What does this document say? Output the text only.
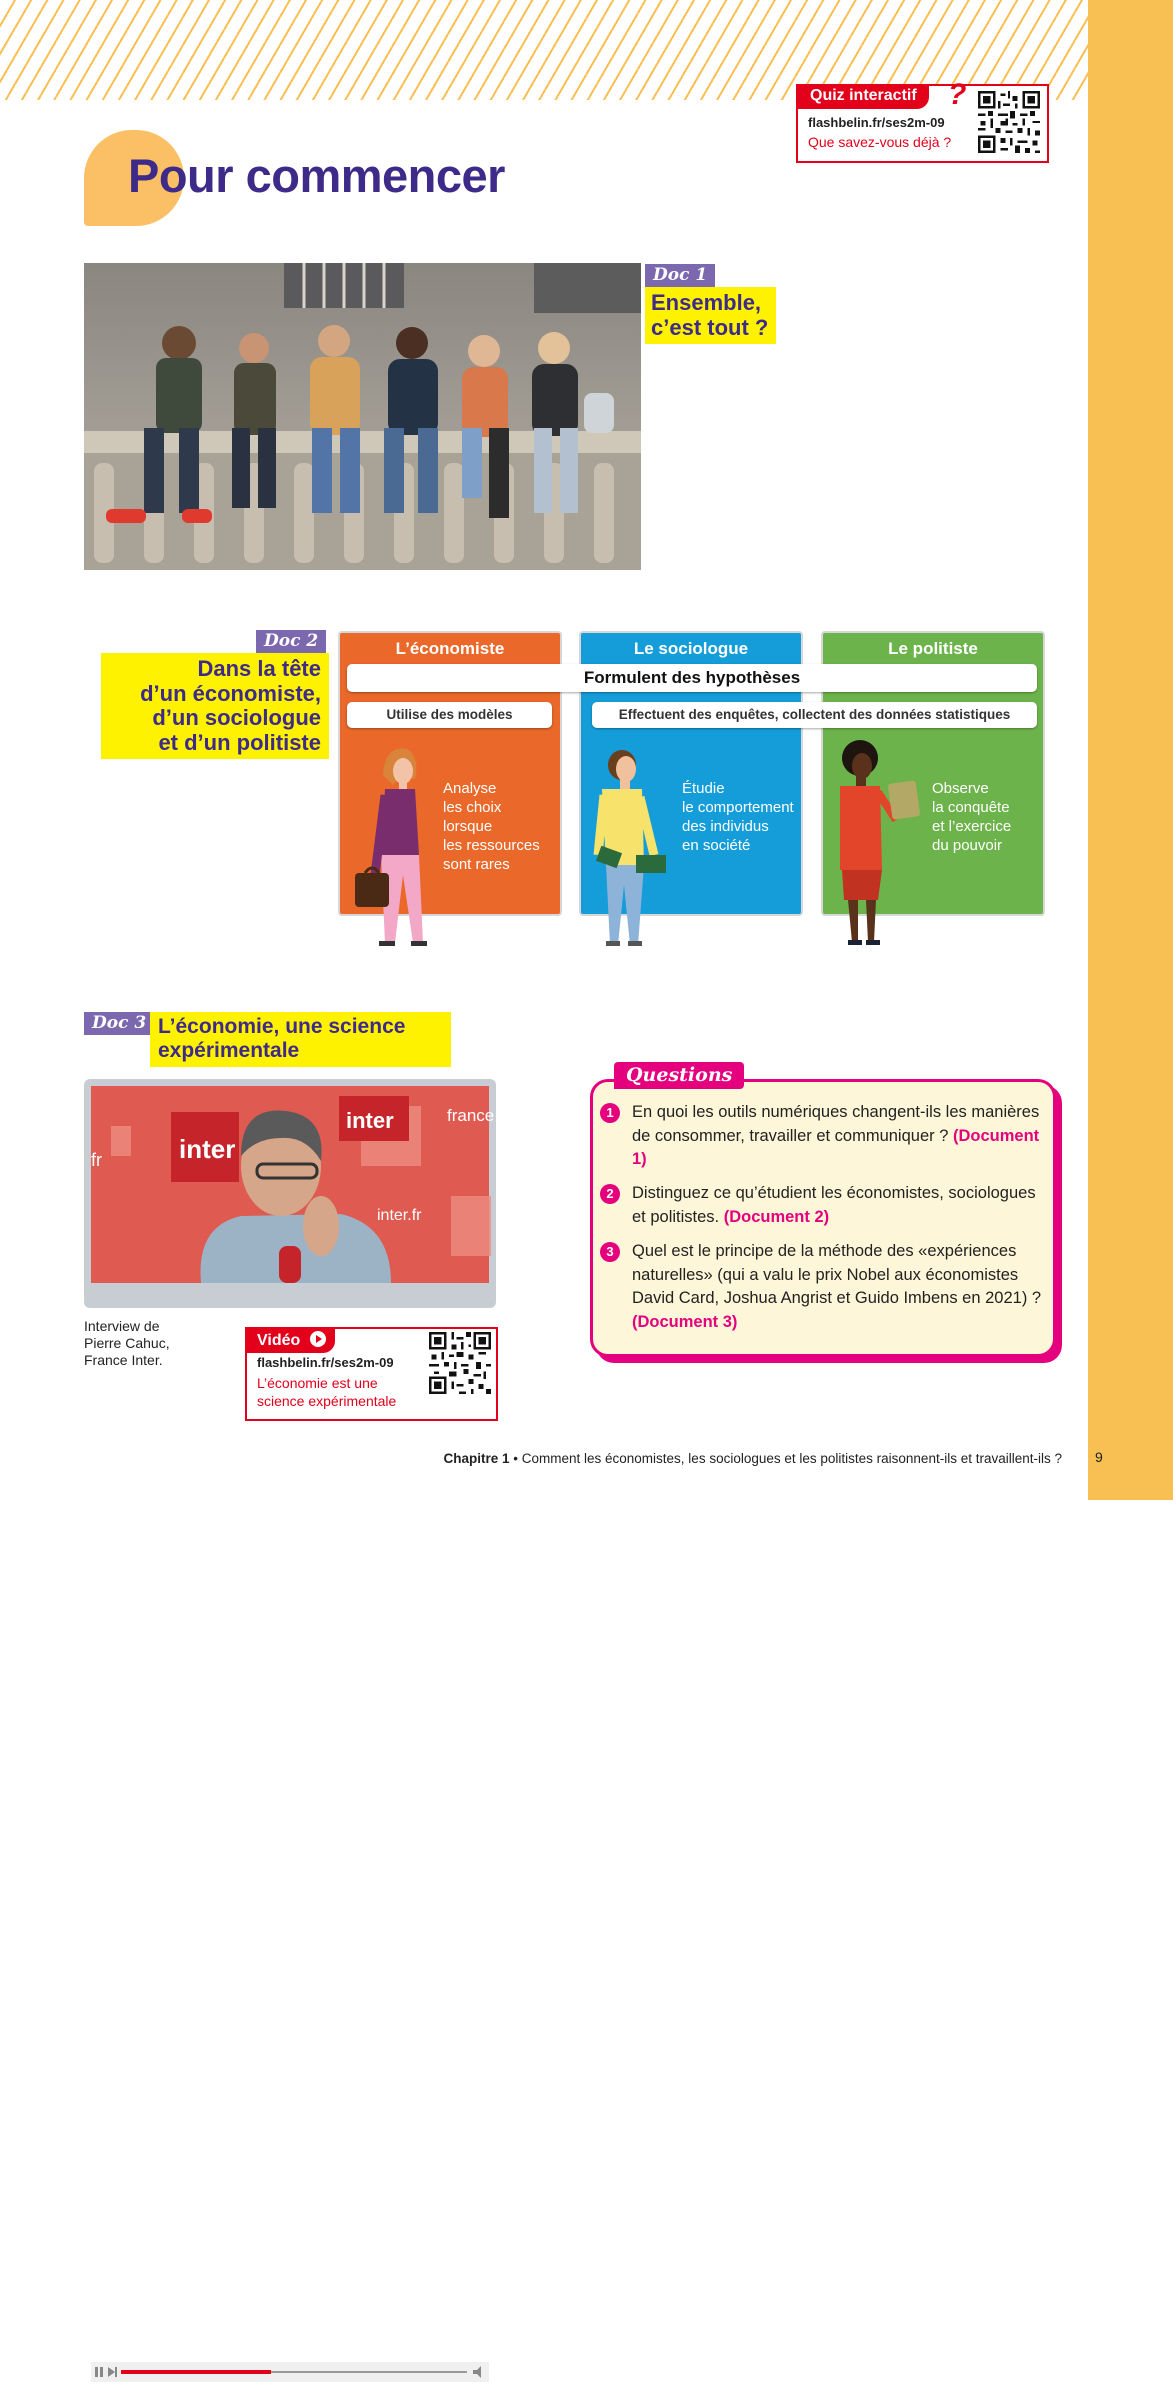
Pour commencer
Quiz interactif	?
flashbelin.fr/ses2m-09
Que savez-vous déjà ?
Doc 1
Ensemble,
c’est tout ?
Doc 2
Dans la tête
d’un économiste,
d’un sociologue
et d’un politiste
L’économiste
Analyse
les choix
lorsque
les ressources
sont rares
Le sociologue
Étudie
le comportement
des individus
en société
Le politiste
Observe
la conquête
et l’exercice
du pouvoir
Formulent des hypothèses
Utilise des modèles	Effectuent des enquêtes, collectent des données statistiques
Doc 3 L’économie, une science
expérimentale
inter
inter	france
fr
inter.fr
Interview de
Pierre Cahuc,
France Inter.
Vidéo
flashbelin.fr/ses2m-09
L’économie est une
science expérimentale
Questions
1	En quoi les outils numériques changent-ils les manières de consommer, travailler et communiquer ? (Document 1)
2	Distinguez ce qu’étudient les économistes, sociologues et politistes. (Document 2)
3	Quel est le principe de la méthode des «expériences naturelles» (qui a valu le prix Nobel aux économistes David Card, Joshua Angrist et Guido Imbens en 2021) ? (Document 3)
Chapitre 1 • Comment les économistes, les sociologues et les politistes raisonnent-ils et travaillent-ils ? 9
